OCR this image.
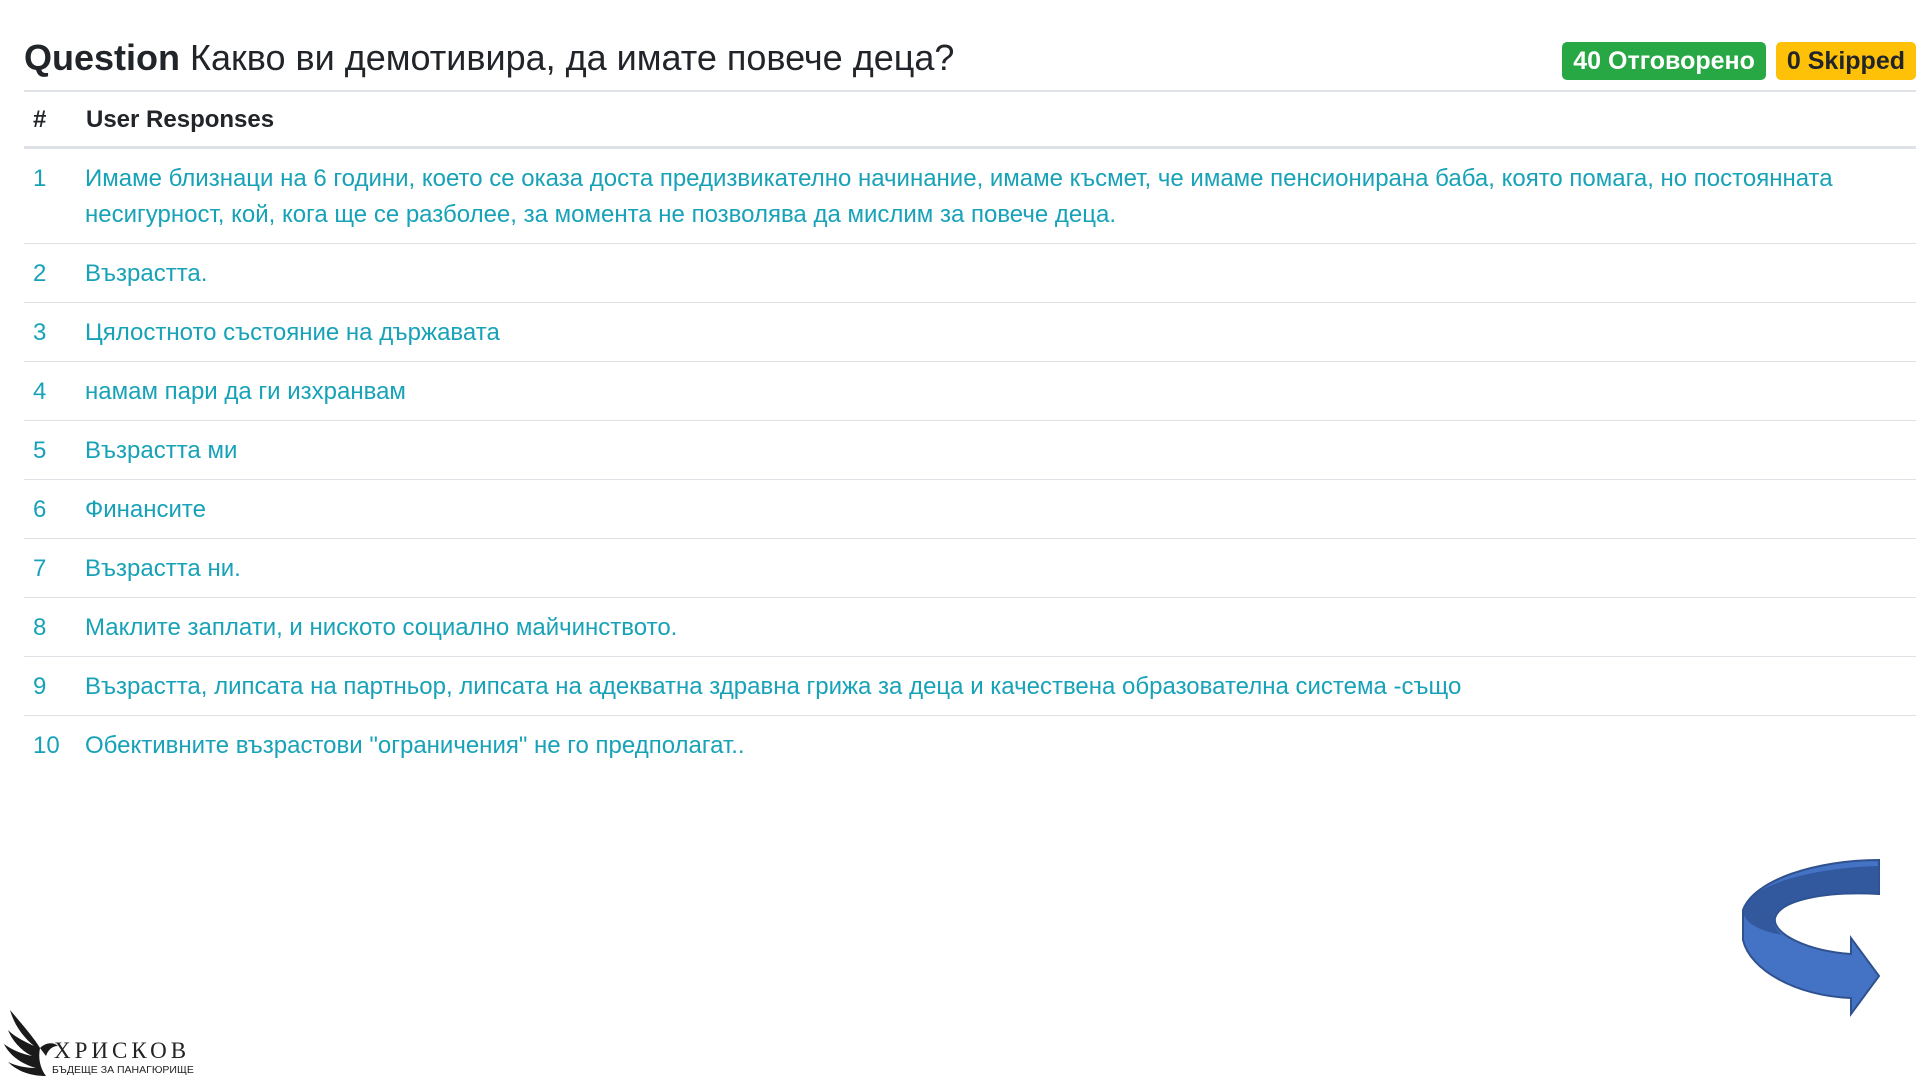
Question Какво ви демотивира, да имате повече деца?	40 Отговорено	0 Skipped
#	User Responses
1	Имаме близнаци на 6 години, което се оказа доста предизвикателно начинание, имаме късмет, че имаме пенсионирана баба, която помага, но постоянната несигурност, кой, кога ще се разболее, за момента не позволява да мислим за повече деца.
2	Възрастта.
3	Цялостното състояние на държавата
4	намам пари да ги изхранвам
5	Възрастта ми
6	Финансите
7	Възрастта ни.
8	Маклите заплати, и ниското социално майчинството.
9	Възрастта, липсата на партньор, липсата на адекватна здравна грижа за деца и качествена образователна система -също
10	Обективните възрастови "ограничения" не го предполагат..
ХРИСКОВ
БЪДЕЩЕ ЗА ПАНАГЮРИЩЕ
